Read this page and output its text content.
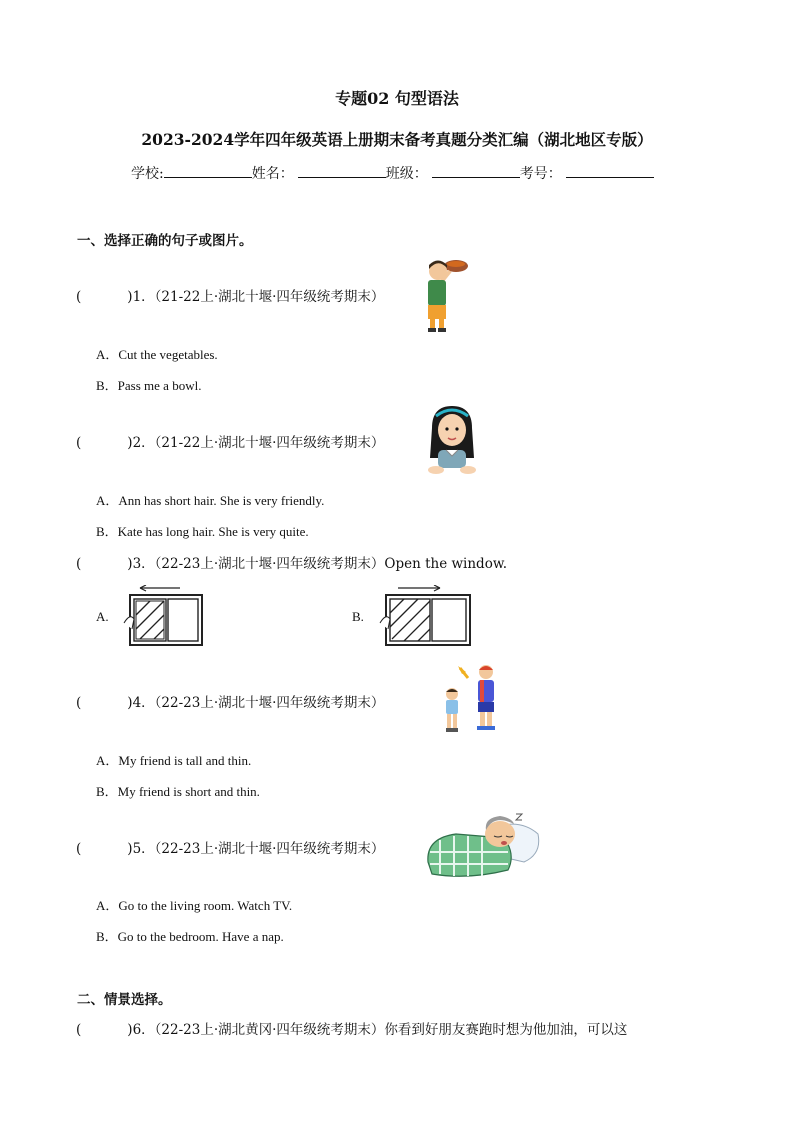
专题02 句型语法
2023-2024学年四年级英语上册期末备考真题分类汇编（湖北地区专版）
学校:	姓名：	班级：	考号：
一、选择正确的句子或图片。
(	)1．（21-22上·湖北十堰·四年级统考期末）
A．Cut the vegetables.
B．Pass me a bowl.
(	)2．（21-22上·湖北十堰·四年级统考期末）
A．Ann has short hair. She is very friendly.
B．Kate has long hair. She is very quite.
(	)3．（22-23上·湖北十堰·四年级统考期末）Open the window.
A.	B.
(	)4．（22-23上·湖北十堰·四年级统考期末）
A．My friend is tall and thin.
B．My friend is short and thin.
(	)5．（22-23上·湖北十堰·四年级统考期末）
A．Go to the living room. Watch TV.
B．Go to the bedroom. Have a nap.
二、情景选择。
(	)6．（22-23上·湖北黄冈·四年级统考期末）你看到好朋友赛跑时想为他加油，可以这
